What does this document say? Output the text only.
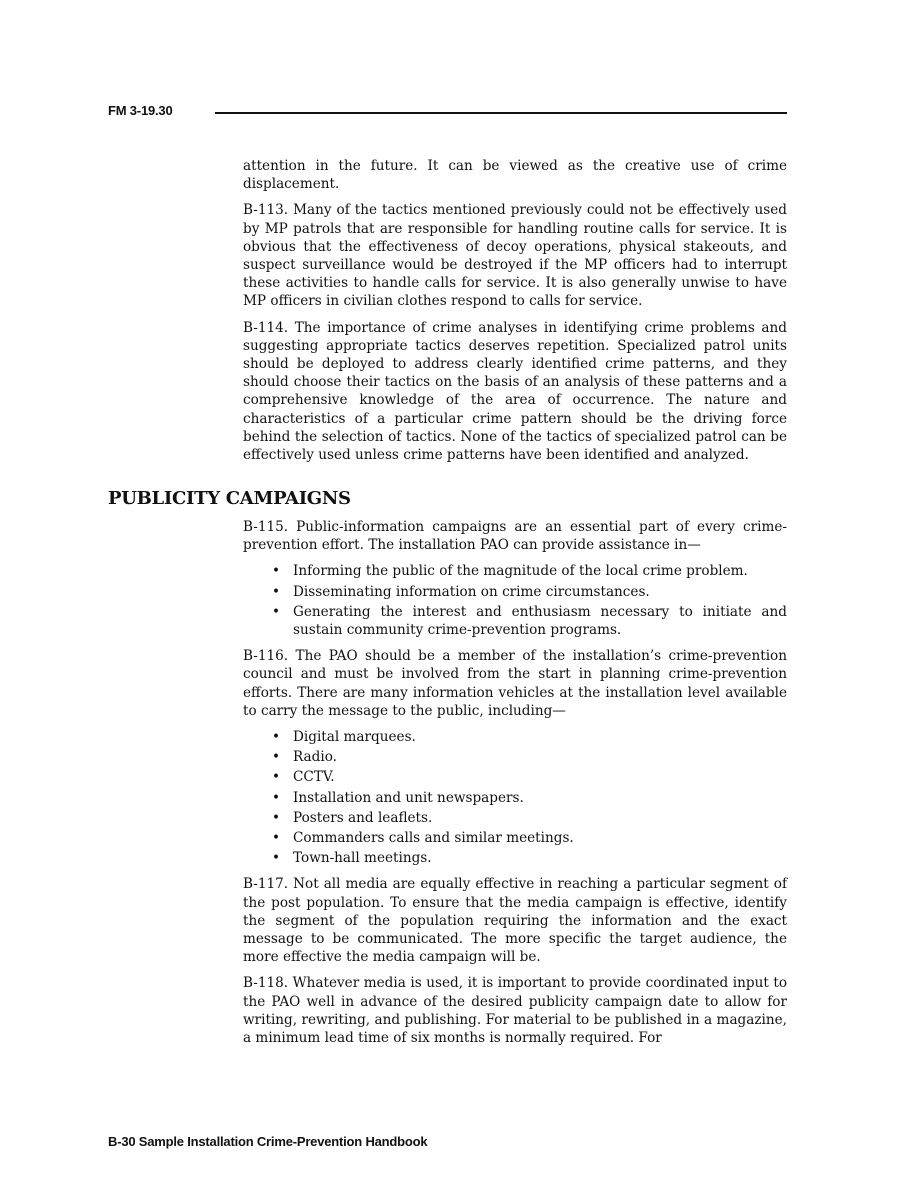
FM 3-19.30

attention in the future. It can be viewed as the creative use of crime displacement.

B-113. Many of the tactics mentioned previously could not be effectively used by MP patrols that are responsible for handling routine calls for service. It is obvious that the effectiveness of decoy operations, physical stakeouts, and suspect surveillance would be destroyed if the MP officers had to interrupt these activities to handle calls for service. It is also generally unwise to have MP officers in civilian clothes respond to calls for service.

B-114. The importance of crime analyses in identifying crime problems and suggesting appropriate tactics deserves repetition. Specialized patrol units should be deployed to address clearly identified crime patterns, and they should choose their tactics on the basis of an analysis of these patterns and a comprehensive knowledge of the area of occurrence. The nature and characteristics of a particular crime pattern should be the driving force behind the selection of tactics. None of the tactics of specialized patrol can be effectively used unless crime patterns have been identified and analyzed.

PUBLICITY CAMPAIGNS

B-115. Public-information campaigns are an essential part of every crime-prevention effort. The installation PAO can provide assistance in—

• Informing the public of the magnitude of the local crime problem.
• Disseminating information on crime circumstances.
• Generating the interest and enthusiasm necessary to initiate and sustain community crime-prevention programs.

B-116. The PAO should be a member of the installation’s crime-prevention council and must be involved from the start in planning crime-prevention efforts. There are many information vehicles at the installation level available to carry the message to the public, including—

• Digital marquees.
• Radio.
• CCTV.
• Installation and unit newspapers.
• Posters and leaflets.
• Commanders calls and similar meetings.
• Town-hall meetings.

B-117. Not all media are equally effective in reaching a particular segment of the post population. To ensure that the media campaign is effective, identify the segment of the population requiring the information and the exact message to be communicated. The more specific the target audience, the more effective the media campaign will be.

B-118. Whatever media is used, it is important to provide coordinated input to the PAO well in advance of the desired publicity campaign date to allow for writing, rewriting, and publishing. For material to be published in a magazine, a minimum lead time of six months is normally required. For

B-30 Sample Installation Crime-Prevention Handbook
